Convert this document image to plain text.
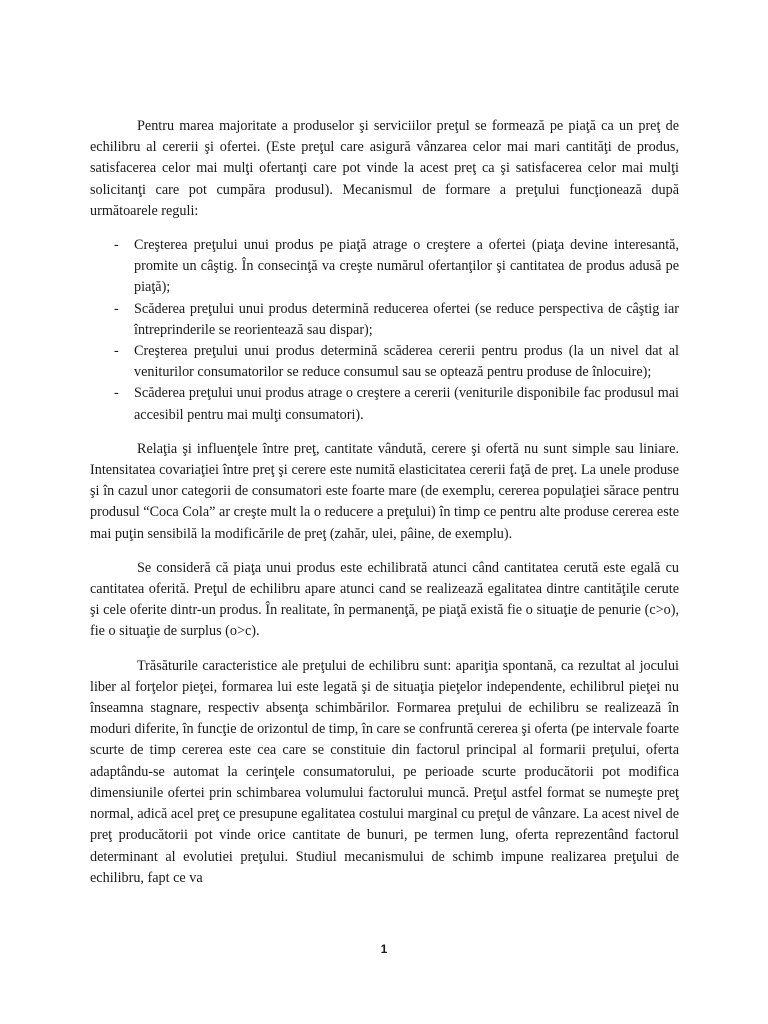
Pentru marea majoritate a produselor şi serviciilor preţul se formează pe piaţă ca un preţ de echilibru al cererii şi ofertei. (Este preţul care asigură vânzarea celor mai mari cantităţi de produs, satisfacerea celor mai mulţi ofertanţi care pot vinde la acest preţ ca şi satisfacerea celor mai mulţi solicitanţi care pot cumpăra produsul). Mecanismul de formare a preţului funcţionează după următoarele reguli:

- Creşterea preţului unui produs pe piaţă atrage o creştere a ofertei (piaţa devine interesantă, promite un câştig. În consecinţă va creşte numărul ofertanţilor şi cantitatea de produs adusă pe piaţă);
- Scăderea preţului unui produs determină reducerea ofertei (se reduce perspectiva de câştig iar întreprinderile se reorientează sau dispar);
- Creşterea preţului unui produs determină scăderea cererii pentru produs (la un nivel dat al veniturilor consumatorilor se reduce consumul sau se optează pentru produse de înlocuire);
- Scăderea preţului unui produs atrage o creştere a cererii (veniturile disponibile fac produsul mai accesibil pentru mai mulţi consumatori).

Relaţia şi influenţele între preţ, cantitate vândută, cerere şi ofertă nu sunt simple sau liniare. Intensitatea covariaţiei între preţ şi cerere este numită elasticitatea cererii faţă de preţ. La unele produse şi în cazul unor categorii de consumatori este foarte mare (de exemplu, cererea populaţiei sărace pentru produsul “Coca Cola” ar creşte mult la o reducere a preţului) în timp ce pentru alte produse cererea este mai puţin sensibilă la modificările de preţ (zahăr, ulei, pâine, de exemplu).

Se consideră că piaţa unui produs este echilibrată atunci când cantitatea cerută este egală cu cantitatea oferită. Preţul de echilibru apare atunci cand se realizează egalitatea dintre cantităţile cerute şi cele oferite dintr-un produs. În realitate, în permanenţă, pe piaţă există fie o situaţie de penurie (c>o), fie o situaţie de surplus (o>c).

Trăsăturile caracteristice ale preţului de echilibru sunt: apariţia spontană, ca rezultat al jocului liber al forţelor pieţei, formarea lui este legată şi de situaţia pieţelor independente, echilibrul pieţei nu înseamna stagnare, respectiv absenţa schimbărilor. Formarea preţului de echilibru se realizează în moduri diferite, în funcţie de orizontul de timp, în care se confruntă cererea şi oferta (pe intervale foarte scurte de timp cererea este cea care se constituie din factorul principal al formarii preţului, oferta adaptându-se automat la cerinţele consumatorului, pe perioade scurte producătorii pot modifica dimensiunile ofertei prin schimbarea volumului factorului muncă. Preţul astfel format se numeşte preţ normal, adică acel preţ ce presupune egalitatea costului marginal cu preţul de vânzare. La acest nivel de preţ producătorii pot vinde orice cantitate de bunuri, pe termen lung, oferta reprezentând factorul determinant al evolutiei preţului. Studiul mecanismului de schimb impune realizarea preţului de echilibru, fapt ce va

1
